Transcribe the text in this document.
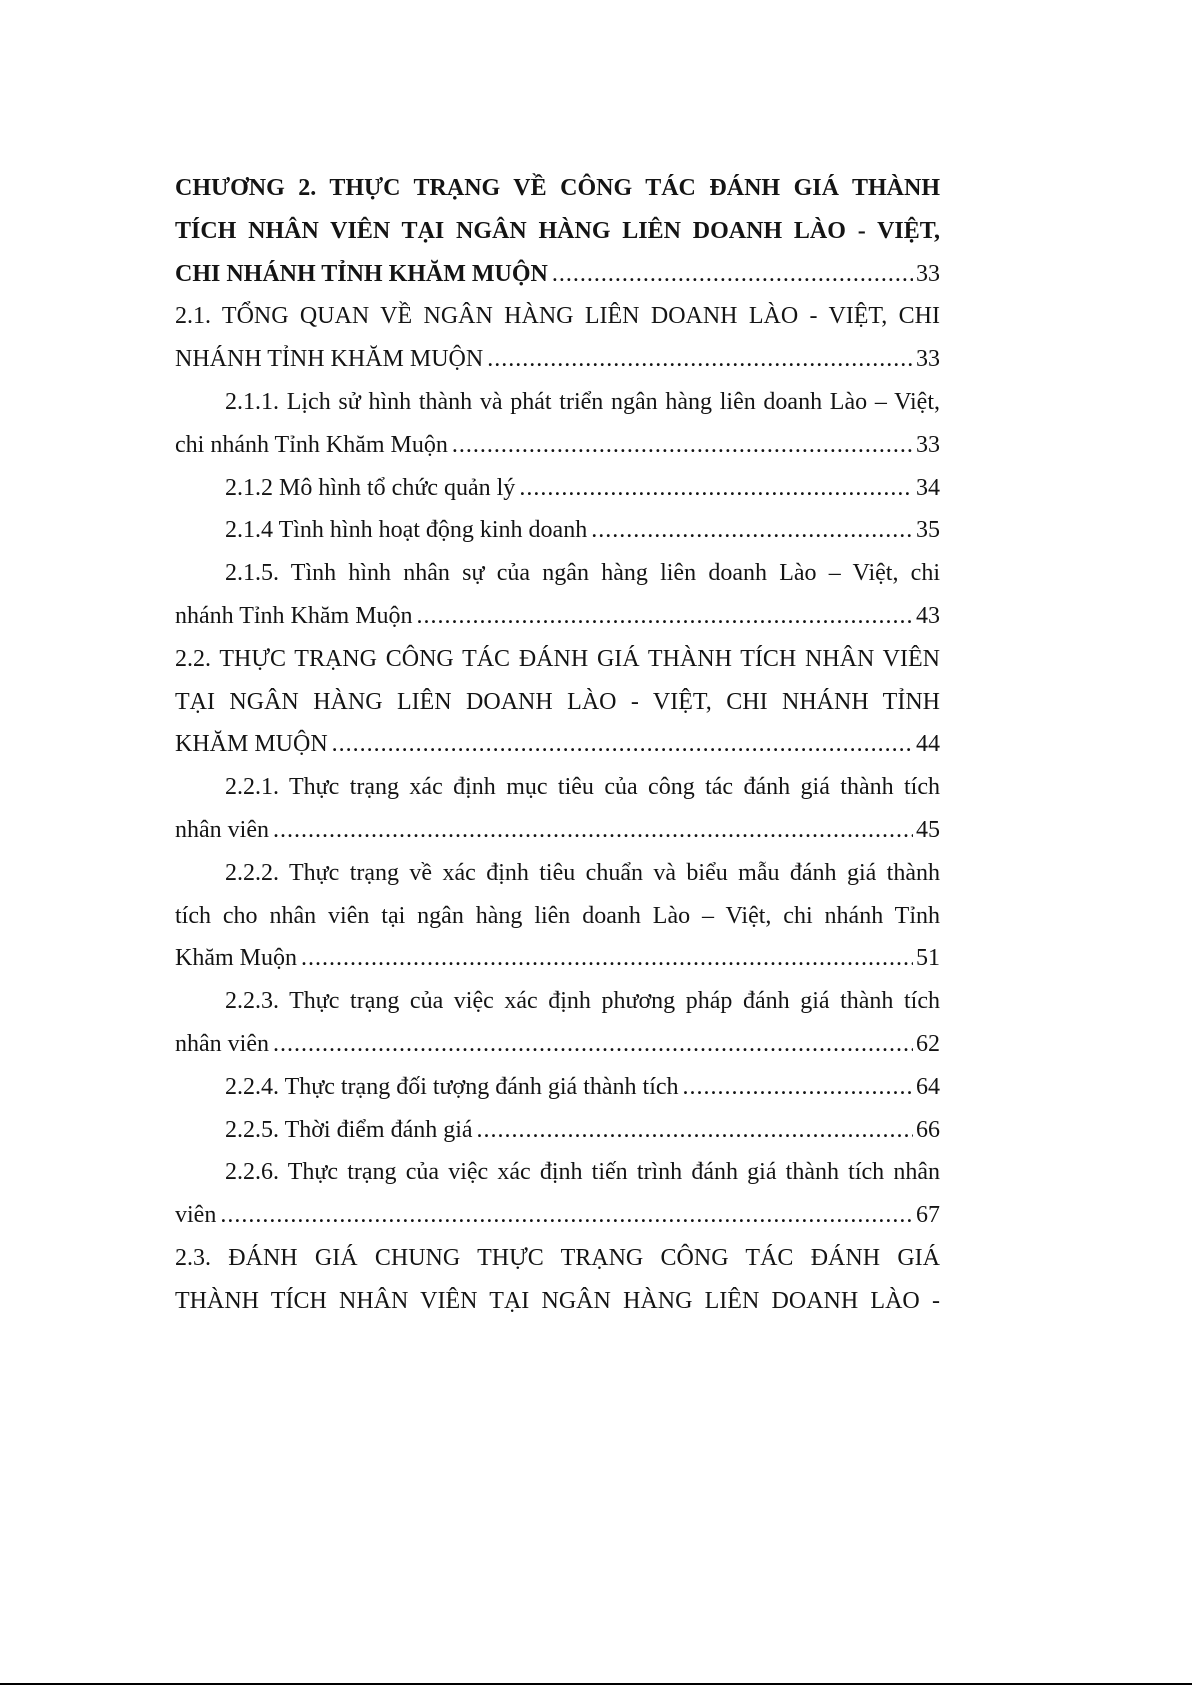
CHƯƠNG 2. THỰC TRẠNG VỀ CÔNG TÁC ĐÁNH GIÁ THÀNH
TÍCH NHÂN VIÊN TẠI NGÂN HÀNG LIÊN DOANH LÀO - VIỆT,
CHI NHÁNH TỈNH KHĂM MUỘN .....	33
2.1. TỔNG QUAN VỀ NGÂN HÀNG LIÊN DOANH LÀO - VIỆT, CHI
NHÁNH TỈNH KHĂM MUỘN .....	33
2.1.1. Lịch sử hình thành và phát triển ngân hàng liên doanh Lào – Việt,
chi nhánh Tỉnh Khăm Muộn .....	33
2.1.2 Mô hình tổ chức quản lý .....	34
2.1.4 Tình hình hoạt động kinh doanh .....	35
2.1.5. Tình hình nhân sự của ngân hàng liên doanh Lào – Việt, chi
nhánh Tỉnh Khăm Muộn .....	43
2.2. THỰC TRẠNG CÔNG TÁC ĐÁNH GIÁ THÀNH TÍCH NHÂN VIÊN
TẠI NGÂN HÀNG LIÊN DOANH LÀO - VIỆT, CHI NHÁNH TỈNH
KHĂM MUỘN .....	44
2.2.1. Thực trạng xác định mục tiêu của công tác đánh giá thành tích
nhân viên .....	45
2.2.2. Thực trạng về xác định tiêu chuẩn và biểu mẫu đánh giá thành
tích cho nhân viên tại ngân hàng liên doanh Lào – Việt, chi nhánh Tỉnh
Khăm Muộn .....	51
2.2.3. Thực trạng của việc xác định phương pháp đánh giá thành tích
nhân viên .....	62
2.2.4. Thực trạng đối tượng đánh giá thành tích .....	64
2.2.5. Thời điểm đánh giá .....	66
2.2.6. Thực trạng của việc xác định tiến trình đánh giá thành tích nhân
viên .....	67
2.3. ĐÁNH GIÁ CHUNG THỰC TRẠNG CÔNG TÁC ĐÁNH GIÁ
THÀNH TÍCH NHÂN VIÊN TẠI NGÂN HÀNG LIÊN DOANH LÀO -
